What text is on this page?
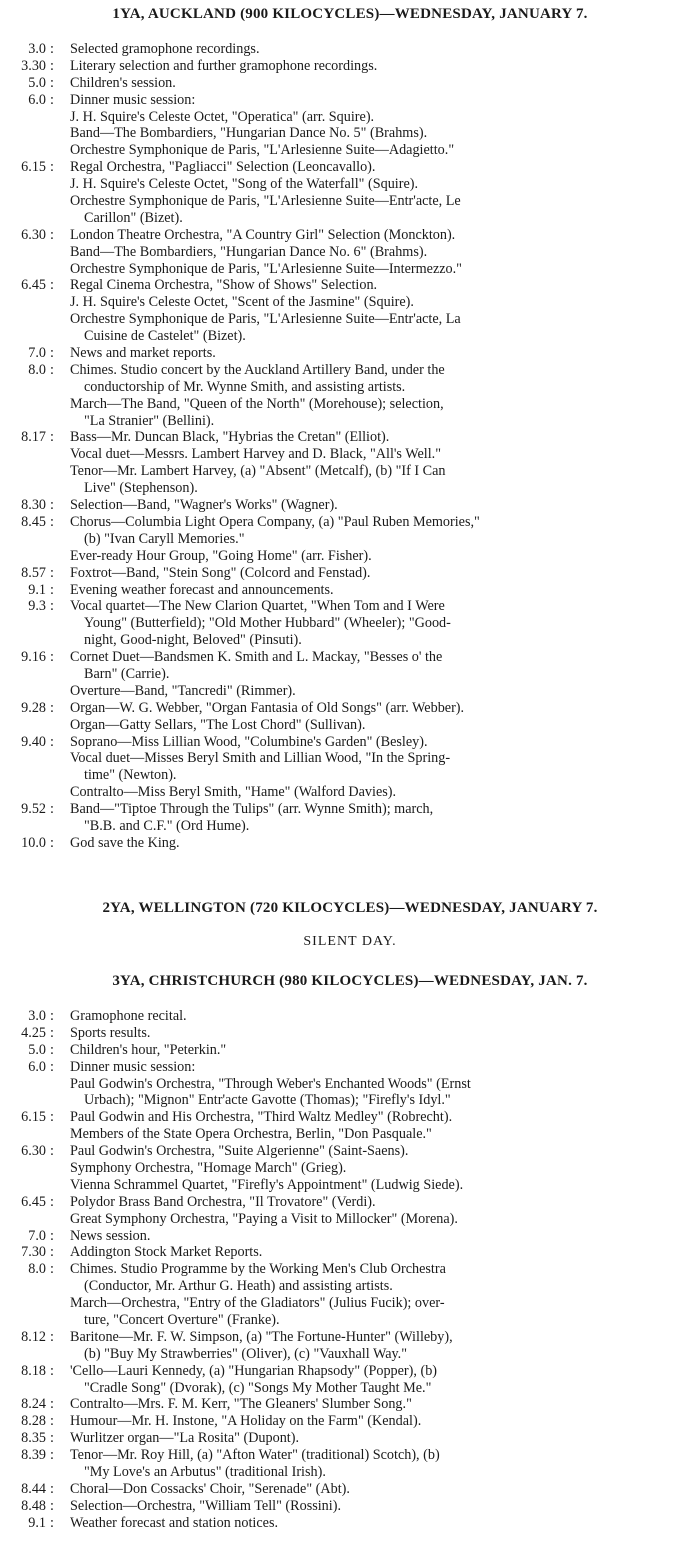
1YA, AUCKLAND (900 KILOCYCLES)—WEDNESDAY, JANUARY 7.
3.0 : Selected gramophone recordings.
3.30 : Literary selection and further gramophone recordings.
5.0 : Children's session.
6.0 : Dinner music session:
J. H. Squire's Celeste Octet, "Operatica" (arr. Squire).
Band—The Bombardiers, "Hungarian Dance No. 5" (Brahms).
Orchestre Symphonique de Paris, "L'Arlesienne Suite—Adagietto."
6.15 : Regal Orchestra, "Pagliacci" Selection (Leoncavallo).
J. H. Squire's Celeste Octet, "Song of the Waterfall" (Squire).
Orchestre Symphonique de Paris, "L'Arlesienne Suite—Entr'acte, Le
Carillon" (Bizet).
6.30 : London Theatre Orchestra, "A Country Girl" Selection (Monckton).
Band—The Bombardiers, "Hungarian Dance No. 6" (Brahms).
Orchestre Symphonique de Paris, "L'Arlesienne Suite—Intermezzo."
6.45 : Regal Cinema Orchestra, "Show of Shows" Selection.
J. H. Squire's Celeste Octet, "Scent of the Jasmine" (Squire).
Orchestre Symphonique de Paris, "L'Arlesienne Suite—Entr'acte, La
Cuisine de Castelet" (Bizet).
7.0 : News and market reports.
8.0 : Chimes. Studio concert by the Auckland Artillery Band, under the
conductorship of Mr. Wynne Smith, and assisting artists.
March—The Band, "Queen of the North" (Morehouse); selection,
"La Stranier" (Bellini).
8.17 : Bass—Mr. Duncan Black, "Hybrias the Cretan" (Elliot).
Vocal duet—Messrs. Lambert Harvey and D. Black, "All's Well."
Tenor—Mr. Lambert Harvey, (a) "Absent" (Metcalf), (b) "If I Can
Live" (Stephenson).
8.30 : Selection—Band, "Wagner's Works" (Wagner).
8.45 : Chorus—Columbia Light Opera Company, (a) "Paul Ruben Memories,"
(b) "Ivan Caryll Memories."
Ever-ready Hour Group, "Going Home" (arr. Fisher).
8.57 : Foxtrot—Band, "Stein Song" (Colcord and Fenstad).
9.1 : Evening weather forecast and announcements.
9.3 : Vocal quartet—The New Clarion Quartet, "When Tom and I Were
Young" (Butterfield); "Old Mother Hubbard" (Wheeler); "Good-
night, Good-night, Beloved" (Pinsuti).
9.16 : Cornet Duet—Bandsmen K. Smith and L. Mackay, "Besses o' the
Barn" (Carrie).
Overture—Band, "Tancredi" (Rimmer).
9.28 : Organ—W. G. Webber, "Organ Fantasia of Old Songs" (arr. Webber).
Organ—Gatty Sellars, "The Lost Chord" (Sullivan).
9.40 : Soprano—Miss Lillian Wood, "Columbine's Garden" (Besley).
Vocal duet—Misses Beryl Smith and Lillian Wood, "In the Spring-
time" (Newton).
Contralto—Miss Beryl Smith, "Hame" (Walford Davies).
9.52 : Band—"Tiptoe Through the Tulips" (arr. Wynne Smith); march,
"B.B. and C.F." (Ord Hume).
10.0 : God save the King.
2YA, WELLINGTON (720 KILOCYCLES)—WEDNESDAY, JANUARY 7.
SILENT DAY.
3YA, CHRISTCHURCH (980 KILOCYCLES)—WEDNESDAY, JAN. 7.
3.0 : Gramophone recital.
4.25 : Sports results.
5.0 : Children's hour, "Peterkin."
6.0 : Dinner music session:
Paul Godwin's Orchestra, "Through Weber's Enchanted Woods" (Ernst
Urbach); "Mignon" Entr'acte Gavotte (Thomas); "Firefly's Idyl."
6.15 : Paul Godwin and His Orchestra, "Third Waltz Medley" (Robrecht).
Members of the State Opera Orchestra, Berlin, "Don Pasquale."
6.30 : Paul Godwin's Orchestra, "Suite Algerienne" (Saint-Saens).
Symphony Orchestra, "Homage March" (Grieg).
Vienna Schrammel Quartet, "Firefly's Appointment" (Ludwig Siede).
6.45 : Polydor Brass Band Orchestra, "Il Trovatore" (Verdi).
Great Symphony Orchestra, "Paying a Visit to Millocker" (Morena).
7.0 : News session.
7.30 : Addington Stock Market Reports.
8.0 : Chimes. Studio Programme by the Working Men's Club Orchestra
(Conductor, Mr. Arthur G. Heath) and assisting artists.
March—Orchestra, "Entry of the Gladiators" (Julius Fucik); over-
ture, "Concert Overture" (Franke).
8.12 : Baritone—Mr. F. W. Simpson, (a) "The Fortune-Hunter" (Willeby),
(b) "Buy My Strawberries" (Oliver), (c) "Vauxhall Way."
8.18 : 'Cello—Lauri Kennedy, (a) "Hungarian Rhapsody" (Popper), (b)
"Cradle Song" (Dvorak), (c) "Songs My Mother Taught Me."
8.24 : Contralto—Mrs. F. M. Kerr, "The Gleaners' Slumber Song."
8.28 : Humour—Mr. H. Instone, "A Holiday on the Farm" (Kendal).
8.35 : Wurlitzer organ—"La Rosita" (Dupont).
8.39 : Tenor—Mr. Roy Hill, (a) "Afton Water" (traditional) Scotch), (b)
"My Love's an Arbutus" (traditional Irish).
8.44 : Choral—Don Cossacks' Choir, "Serenade" (Abt).
8.48 : Selection—Orchestra, "William Tell" (Rossini).
9.1 : Weather forecast and station notices.
